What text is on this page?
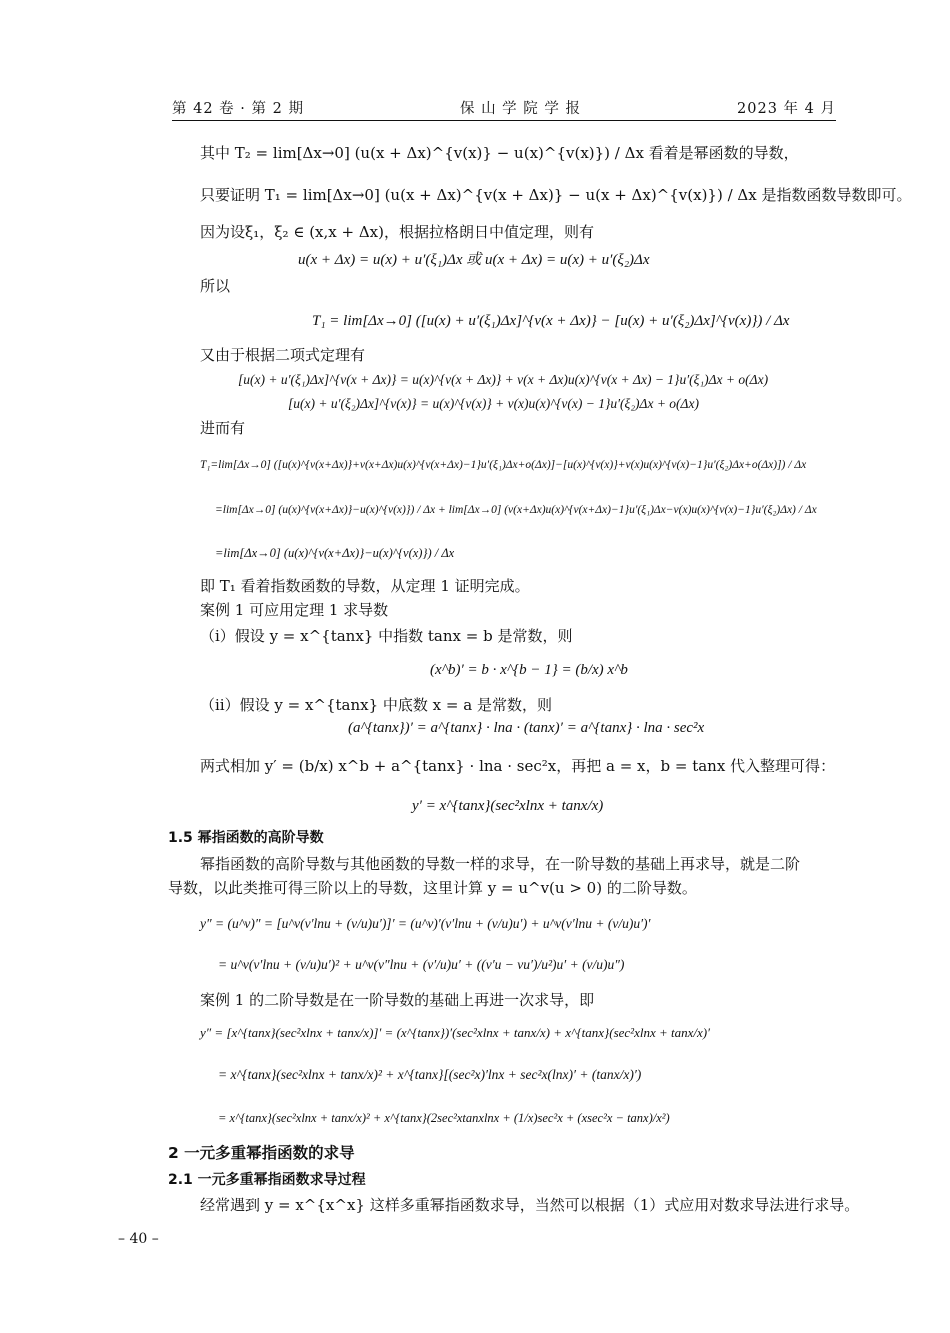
第 42 卷 · 第 2 期	保 山 学 院 学 报	2023 年 4 月
其中 T₂ = lim[Δx→0] (u(x + Δx)^{v(x)} − u(x)^{v(x)}) / Δx 看着是幂函数的导数，
只要证明 T₁ = lim[Δx→0] (u(x + Δx)^{v(x + Δx)} − u(x + Δx)^{v(x)}) / Δx 是指数函数导数即可。
因为设ξ₁，ξ₂ ∈ (x,x + Δx)，根据拉格朗日中值定理，则有
u(x + Δx) = u(x) + u′(ξ₁)Δx 或 u(x + Δx) = u(x) + u′(ξ₂)Δx
所以
T₁ = lim[Δx→0] ([u(x) + u′(ξ₁)Δx]^{v(x + Δx)} − [u(x) + u′(ξ₂)Δx]^{v(x)}) / Δx
又由于根据二项式定理有
[u(x) + u′(ξ₁)Δx]^{v(x + Δx)} = u(x)^{v(x + Δx)} + v(x + Δx)u(x)^{v(x + Δx) − 1}u′(ξ₁)Δx + o(Δx)
[u(x) + u′(ξ₂)Δx]^{v(x)} = u(x)^{v(x)} + v(x)u(x)^{v(x) − 1}u′(ξ₂)Δx + o(Δx)
进而有
T₁=lim[Δx→0] ([u(x)^{v(x+Δx)}+v(x+Δx)u(x)^{v(x+Δx)−1}u′(ξ₁)Δx+o(Δx)]−[u(x)^{v(x)}+v(x)u(x)^{v(x)−1}u′(ξ₂)Δx+o(Δx)]) / Δx
=lim[Δx→0] (u(x)^{v(x+Δx)}−u(x)^{v(x)}) / Δx + lim[Δx→0] (v(x+Δx)u(x)^{v(x+Δx)−1}u′(ξ₁)Δx−v(x)u(x)^{v(x)−1}u′(ξ₂)Δx) / Δx
=lim[Δx→0] (u(x)^{v(x+Δx)}−u(x)^{v(x)}) / Δx
即 T₁ 看着指数函数的导数，从定理 1 证明完成。
案例 1 可应用定理 1 求导数
（ⅰ）假设 y = x^{tanx} 中指数 tanx = b 是常数，则
(x^b)′ = b · x^{b − 1} = (b/x) x^b
（ⅱ）假设 y = x^{tanx} 中底数 x = a 是常数，则
(a^{tanx})′ = a^{tanx} · lna · (tanx)′ = a^{tanx} · lna · sec²x
两式相加 y′ = (b/x) x^b + a^{tanx} · lna · sec²x，再把 a = x，b = tanx 代入整理可得：
y′ = x^{tanx}(sec²xlnx + tanx/x)
1.5 幂指函数的高阶导数
幂指函数的高阶导数与其他函数的导数一样的求导，在一阶导数的基础上再求导，就是二阶
导数，以此类推可得三阶以上的导数，这里计算 y = u^v(u > 0) 的二阶导数。
y″ = (u^v)″ = [u^v(v′lnu + (v/u)u′)]′ = (u^v)′(v′lnu + (v/u)u′) + u^v(v′lnu + (v/u)u′)′
= u^v(v′lnu + (v/u)u′)² + u^v(v″lnu + (v′/u)u′ + ((v′u − vu′)/u²)u′ + (v/u)u″)
案例 1 的二阶导数是在一阶导数的基础上再进一次求导，即
y″ = [x^{tanx}(sec²xlnx + tanx/x)]′ = (x^{tanx})′(sec²xlnx + tanx/x) + x^{tanx}(sec²xlnx + tanx/x)′
= x^{tanx}(sec²xlnx + tanx/x)² + x^{tanx}[(sec²x)′lnx + sec²x(lnx)′ + (tanx/x)′)
= x^{tanx}(sec²xlnx + tanx/x)² + x^{tanx}(2sec²xtanxlnx + (1/x)sec²x + (xsec²x − tanx)/x²)
2 一元多重幂指函数的求导
2.1 一元多重幂指函数求导过程
经常遇到 y = x^{x^x} 这样多重幂指函数求导，当然可以根据（1）式应用对数求导法进行求导。
– 40 –
